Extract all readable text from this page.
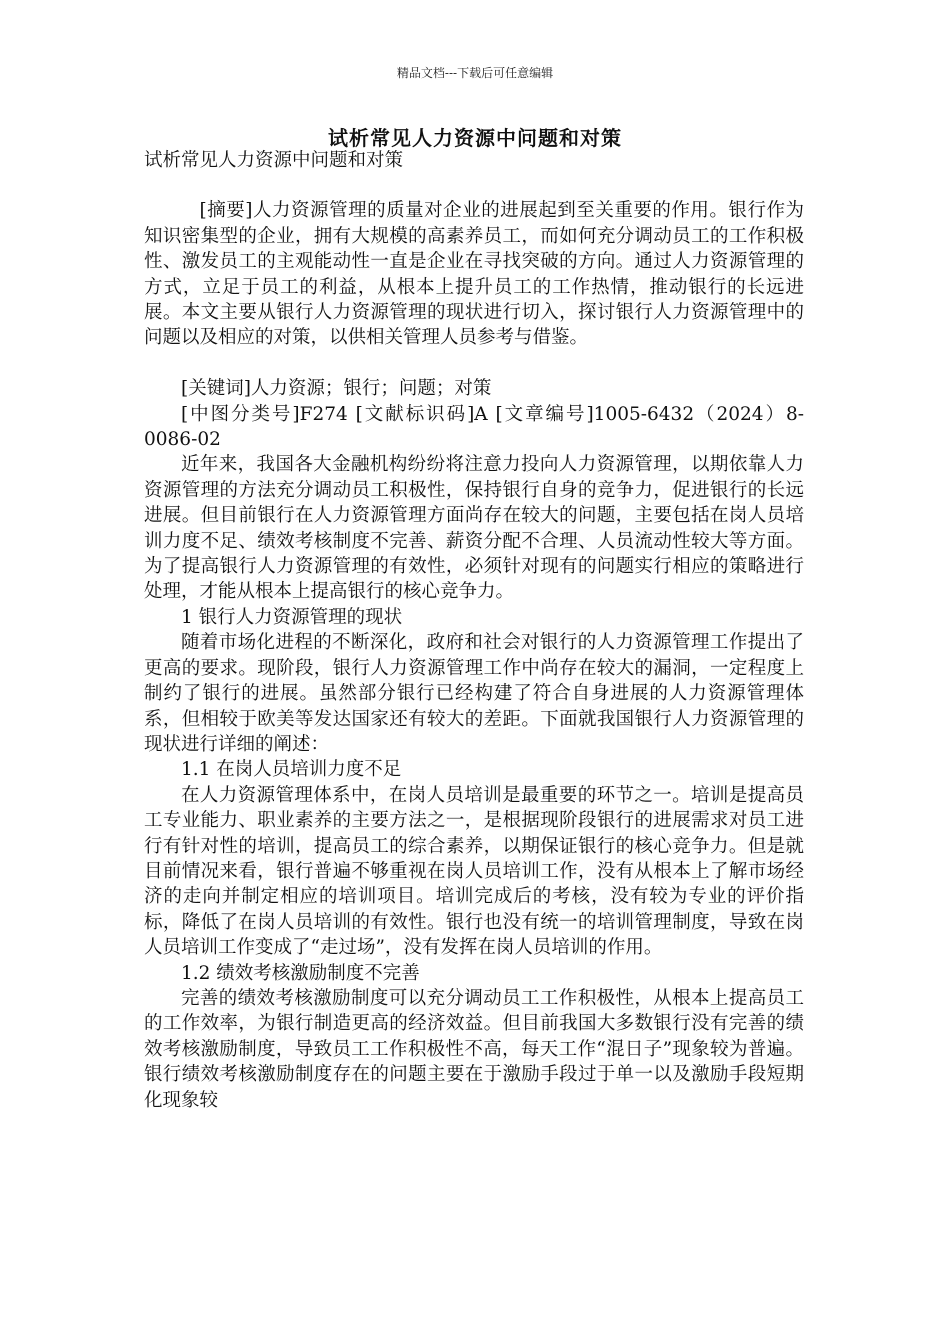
精品文档---下载后可任意编辑
试析常见人力资源中问题和对策

试析常见人力资源中问题和对策

[摘要]人力资源管理的质量对企业的进展起到至关重要的作用。银行作为知识密集型的企业，拥有大规模的高素养员工，而如何充分调动员工的工作积极性、激发员工的主观能动性一直是企业在寻找突破的方向。通过人力资源管理的方式，立足于员工的利益，从根本上提升员工的工作热情，推动银行的长远进展。本文主要从银行人力资源管理的现状进行切入，探讨银行人力资源管理中的问题以及相应的对策，以供相关管理人员参考与借鉴。

[关键词]人力资源；银行；问题；对策

[中图分类号]F274 [文献标识码]A [文章编号]1005-6432（2024）8-0086-02

近年来，我国各大金融机构纷纷将注意力投向人力资源管理，以期依靠人力资源管理的方法充分调动员工积极性，保持银行自身的竞争力，促进银行的长远进展。但目前银行在人力资源管理方面尚存在较大的问题，主要包括在岗人员培训力度不足、绩效考核制度不完善、薪资分配不合理、人员流动性较大等方面。为了提高银行人力资源管理的有效性，必须针对现有的问题实行相应的策略进行处理，才能从根本上提高银行的核心竞争力。

1 银行人力资源管理的现状

随着市场化进程的不断深化，政府和社会对银行的人力资源管理工作提出了更高的要求。现阶段，银行人力资源管理工作中尚存在较大的漏洞，一定程度上制约了银行的进展。虽然部分银行已经构建了符合自身进展的人力资源管理体系，但相较于欧美等发达国家还有较大的差距。下面就我国银行人力资源管理的现状进行详细的阐述：

1.1 在岗人员培训力度不足

在人力资源管理体系中，在岗人员培训是最重要的环节之一。培训是提高员工专业能力、职业素养的主要方法之一，是根据现阶段银行的进展需求对员工进行有针对性的培训，提高员工的综合素养，以期保证银行的核心竞争力。但是就目前情况来看，银行普遍不够重视在岗人员培训工作，没有从根本上了解市场经济的走向并制定相应的培训项目。培训完成后的考核，没有较为专业的评价指标，降低了在岗人员培训的有效性。银行也没有统一的培训管理制度，导致在岗人员培训工作变成了“走过场”，没有发挥在岗人员培训的作用。

1.2 绩效考核激励制度不完善

完善的绩效考核激励制度可以充分调动员工工作积极性，从根本上提高员工的工作效率，为银行制造更高的经济效益。但目前我国大多数银行没有完善的绩效考核激励制度，导致员工工作积极性不高，每天工作“混日子”现象较为普遍。银行绩效考核激励制度存在的问题主要在于激励手段过于单一以及激励手段短期化现象较
